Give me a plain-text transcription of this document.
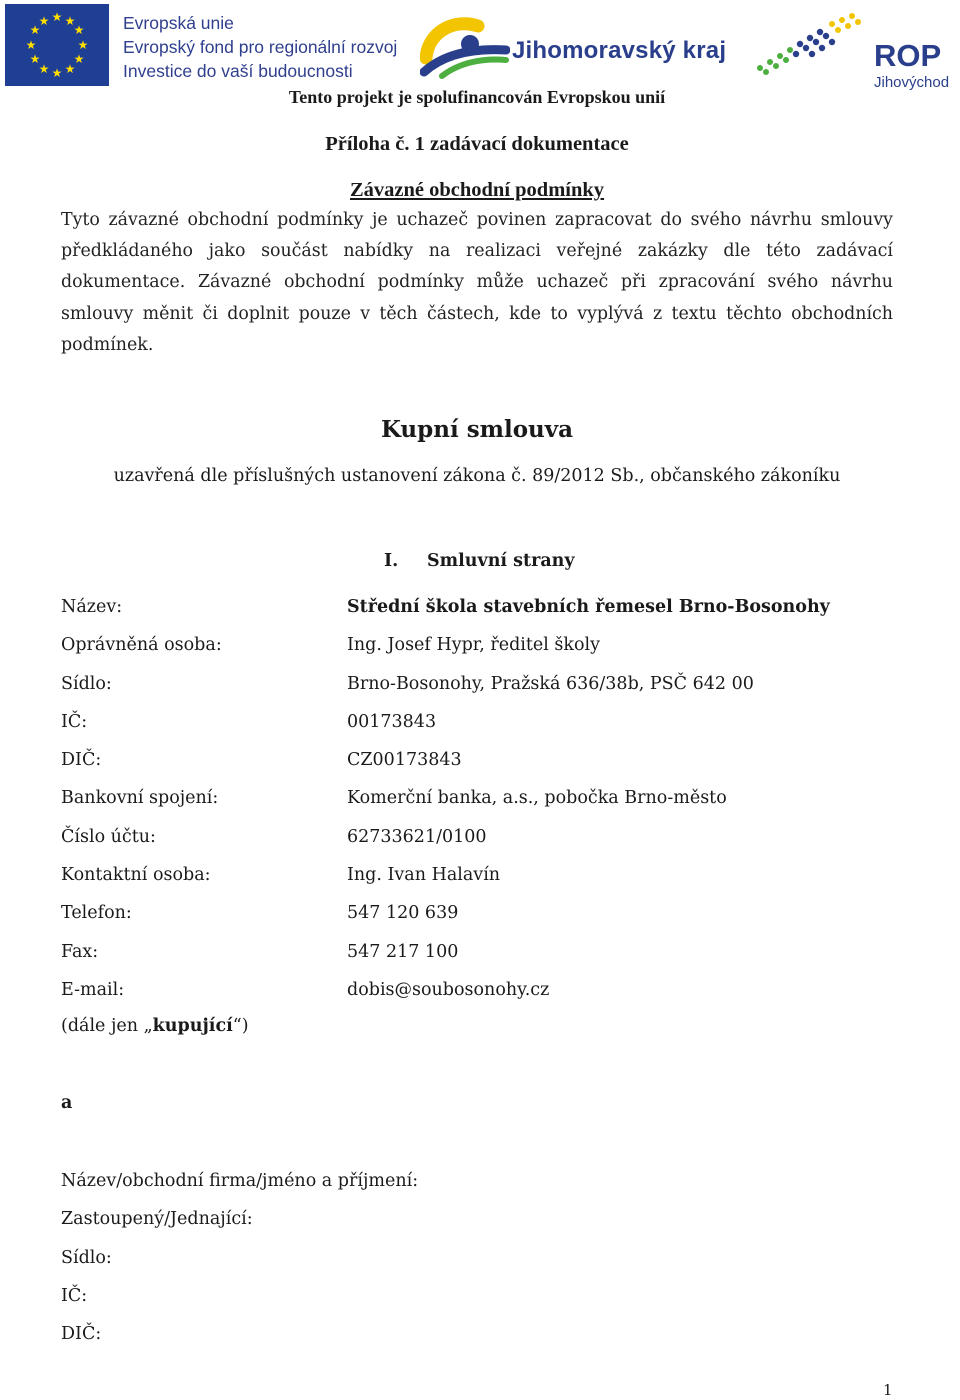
★ ★
★
★
★
★
★
★
★
★
★
★	Evropská unie
Evropský fond pro regionální rozvoj
Investice do vaší budoucnosti
Jihomoravský kraj	ROP
Jihovýchod
Tento projekt je spolufinancován Evropskou unií
Příloha č. 1 zadávací dokumentace
Závazné obchodní podmínky
Tyto závazné obchodní podmínky je uchazeč povinen zapracovat do svého návrhu smlouvy předkládaného jako součást nabídky na realizaci veřejné zakázky dle této zadávací dokumentace. Závazné obchodní podmínky může uchazeč při zpracování svého návrhu smlouvy měnit či doplnit pouze v těch částech, kde to vyplývá z textu těchto obchodních podmínek.
Kupní smlouva
uzavřená dle příslušných ustanovení zákona č. 89/2012 Sb., občanského zákoníku
I. Smluvní strany
Název:	Střední škola stavebních řemesel Brno-Bosonohy
Oprávněná osoba:	Ing. Josef Hypr, ředitel školy
Sídlo:	Brno-Bosonohy, Pražská 636/38b, PSČ 642 00
IČ:	00173843
DIČ:	CZ00173843
Bankovní spojení:	Komerční banka, a.s., pobočka Brno-město
Číslo účtu:	62733621/0100
Kontaktní osoba:	Ing. Ivan Halavín
Telefon:	547 120 639
Fax:	547 217 100
E-mail:	dobis@soubosonohy.cz
(dále jen „kupující“)
a
Název/obchodní firma/jméno a příjmení:
Zastoupený/Jednající:
Sídlo:
IČ:
DIČ:
1
